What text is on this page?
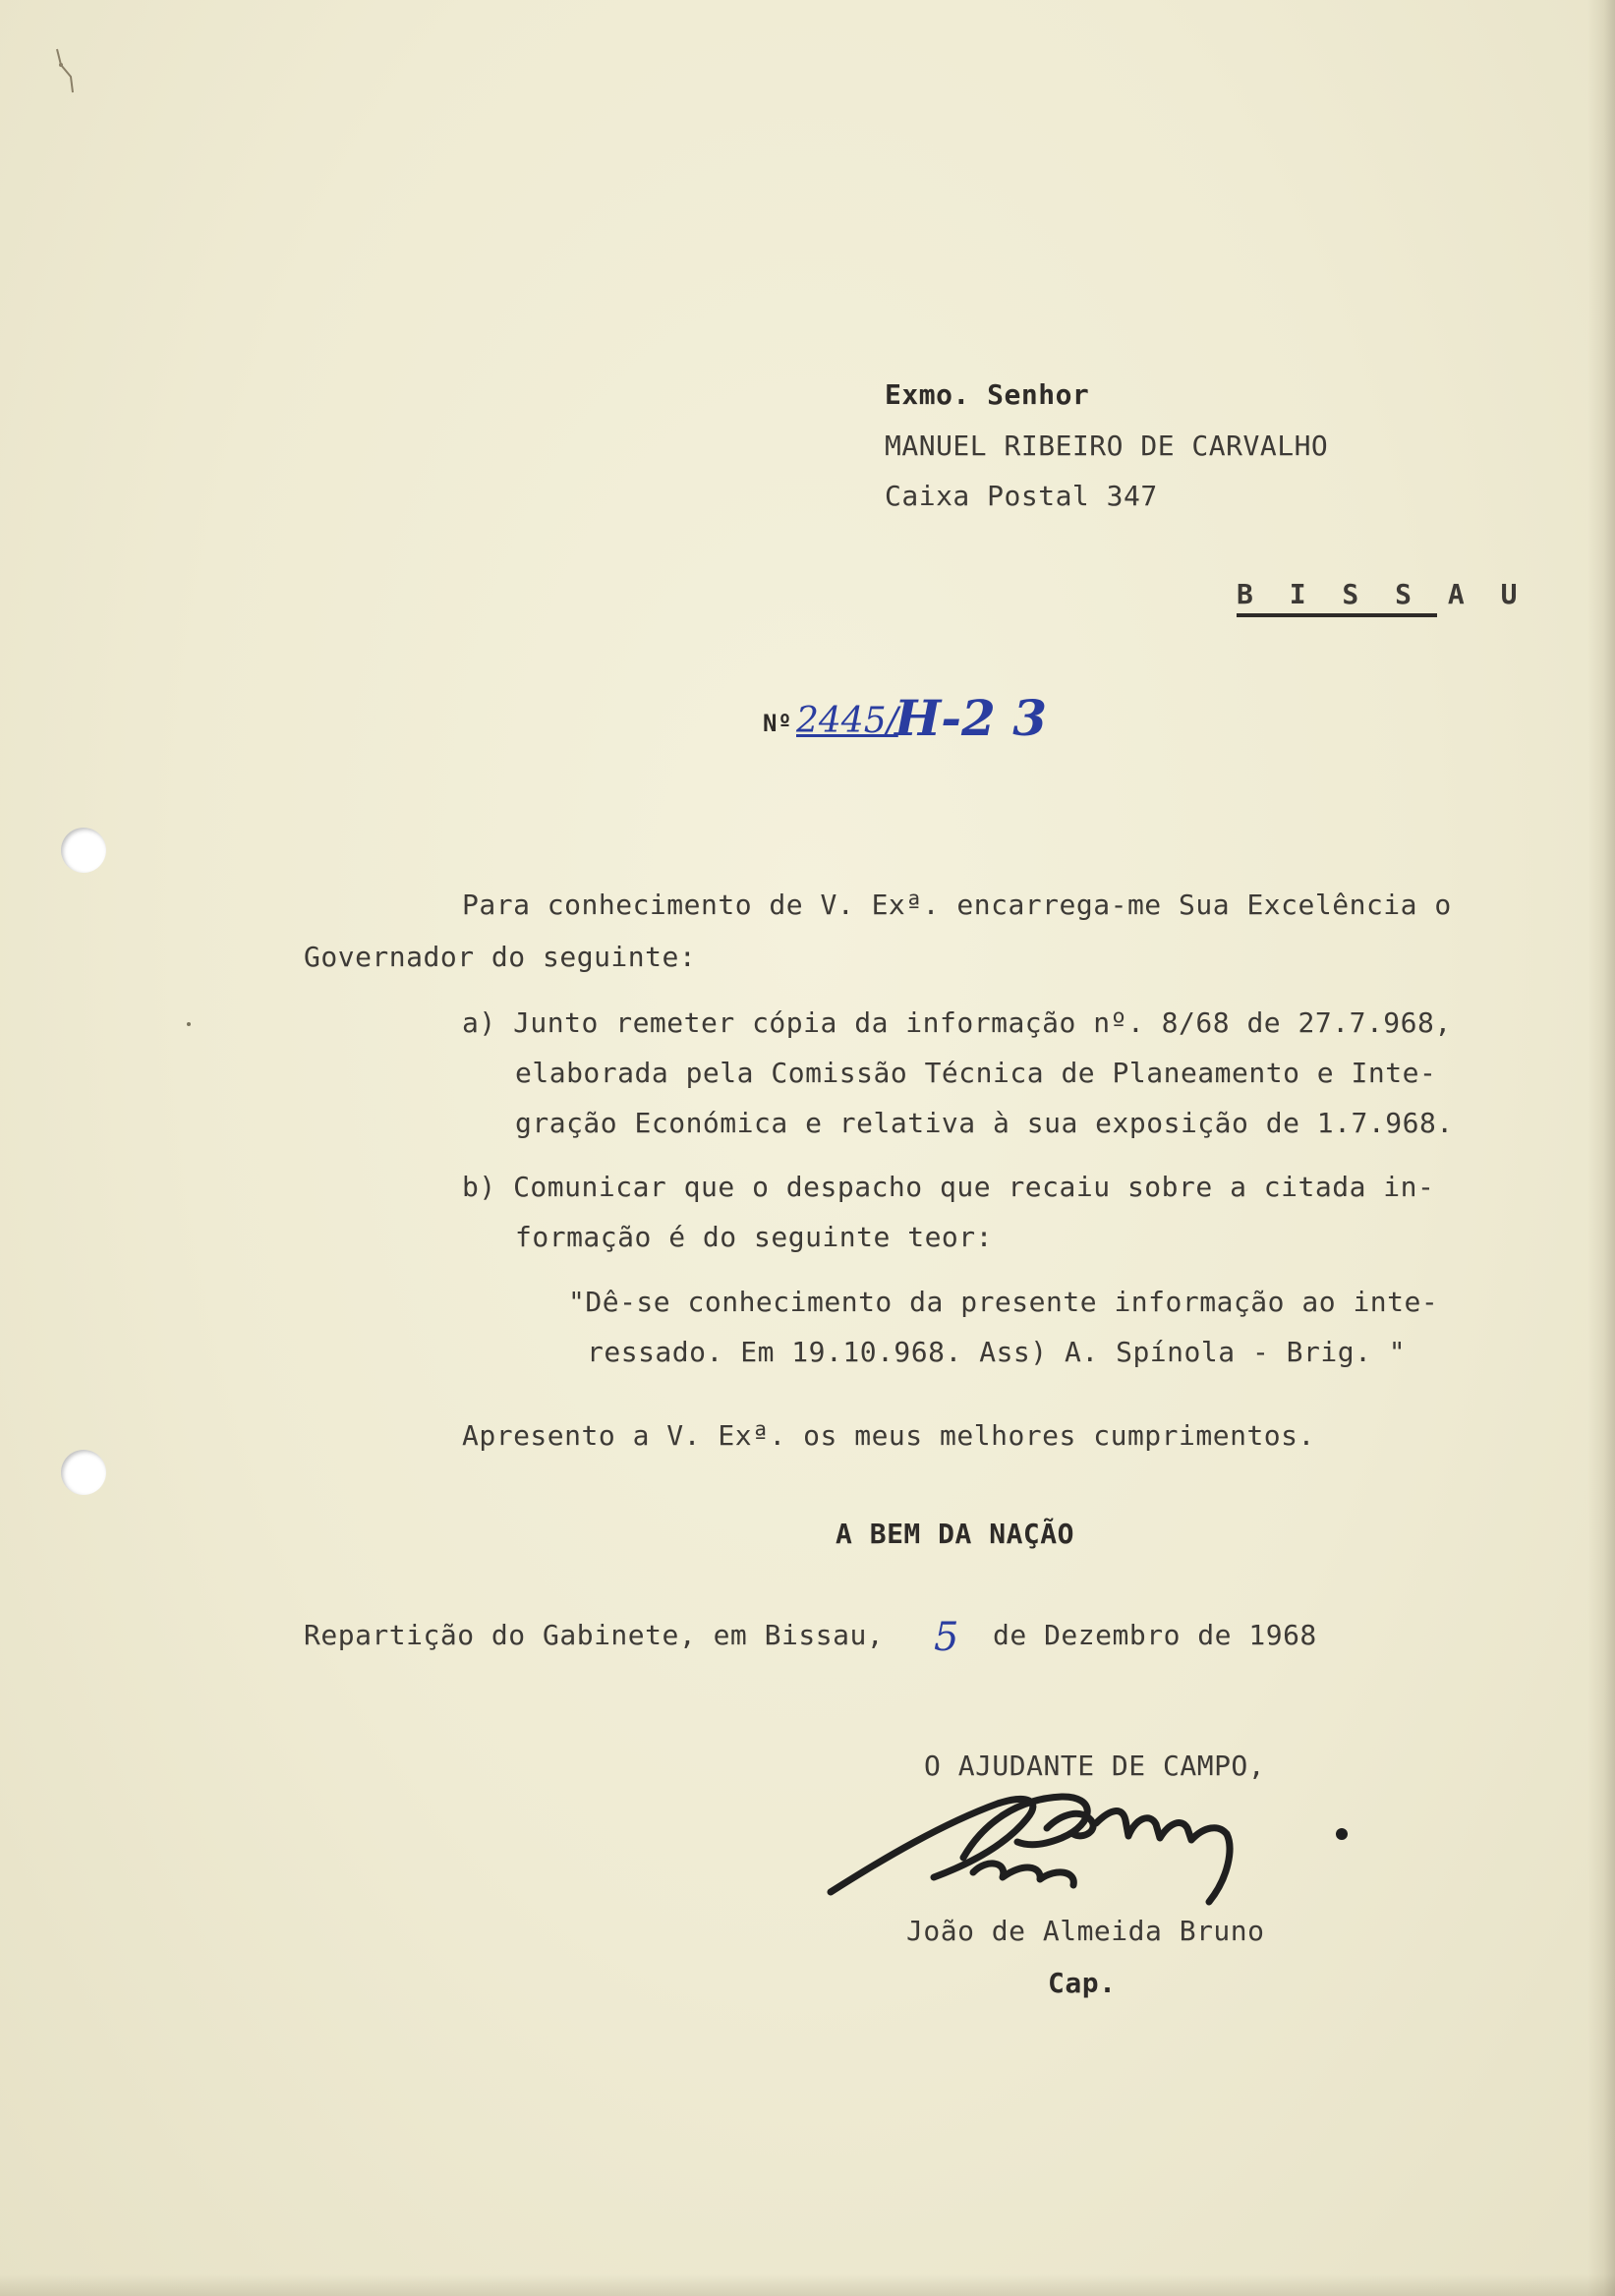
Exmo. Senhor
MANUEL RIBEIRO DE CARVALHO
Caixa Postal 347
B I S S A U
Nº 2445/
H-2 3
Para conhecimento de V. Exª. encarrega-me Sua Excelência o
Governador do seguinte:
a) Junto remeter cópia da informação nº. 8/68 de 27.7.968,
elaborada pela Comissão Técnica de Planeamento e Inte-
gração Económica e relativa à sua exposição de 1.7.968.
b) Comunicar que o despacho que recaiu sobre a citada in-
formação é do seguinte teor:
"Dê-se conhecimento da presente informação ao inte-
ressado. Em 19.10.968. Ass) A. Spínola - Brig. "
Apresento a V. Exª. os meus melhores cumprimentos.
A BEM DA NAÇÃO
Repartição do Gabinete, em Bissau, 5 de Dezembro de 1968
O AJUDANTE DE CAMPO,
João de Almeida Bruno
Cap.
